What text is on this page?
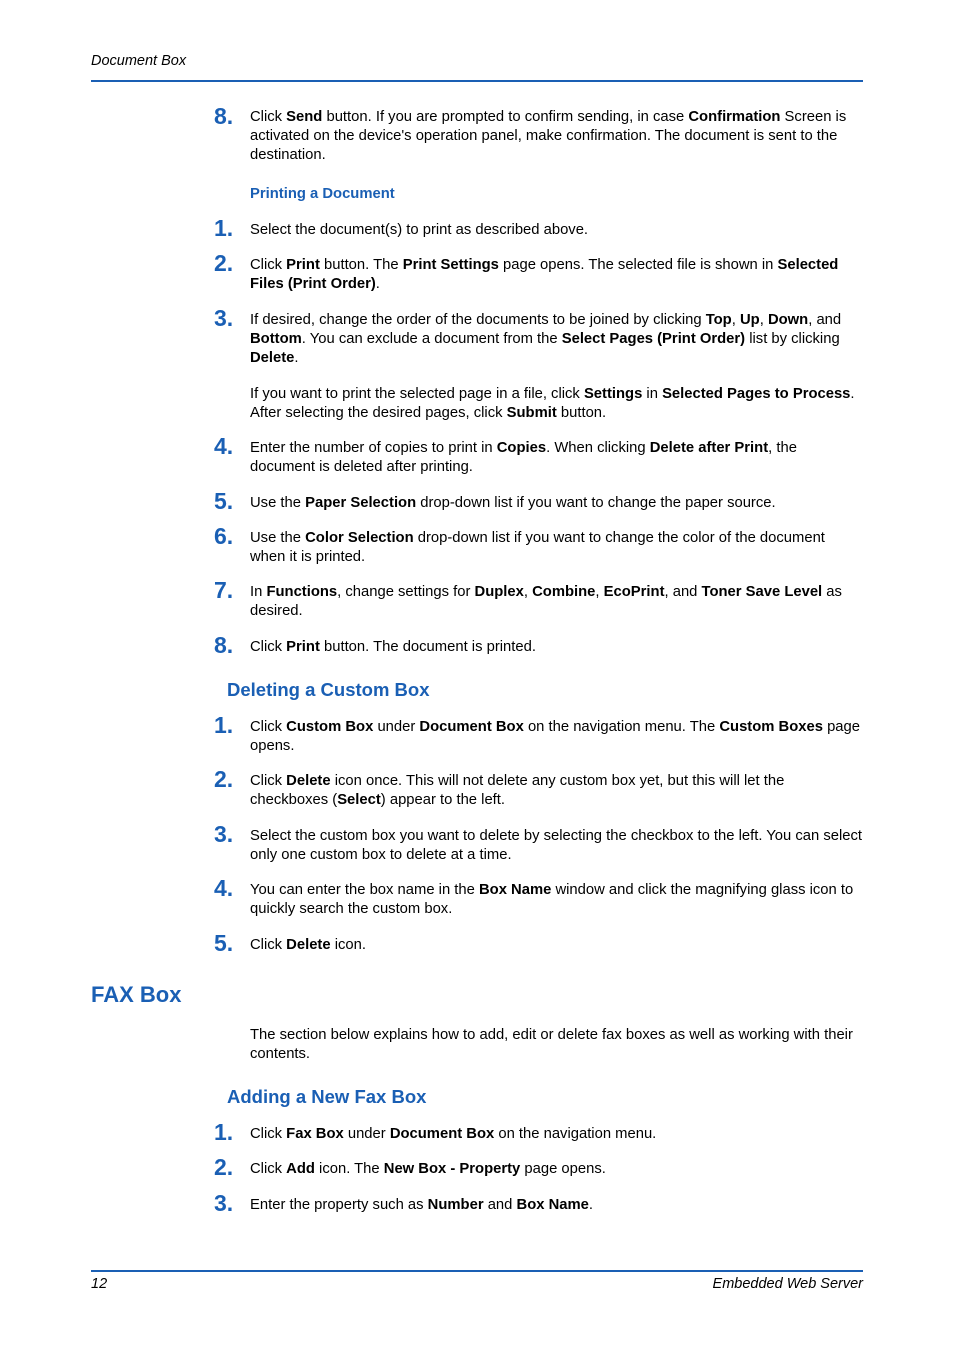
Document Box
8. Click Send button. If you are prompted to confirm sending, in case Confirmation Screen is activated on the device's operation panel, make confirmation. The document is sent to the destination.
Printing a Document
1. Select the document(s) to print as described above.
2. Click Print button. The Print Settings page opens. The selected file is shown in Selected Files (Print Order).
3. If desired, change the order of the documents to be joined by clicking Top, Up, Down, and Bottom. You can exclude a document from the Select Pages (Print Order) list by clicking Delete.
If you want to print the selected page in a file, click Settings in Selected Pages to Process. After selecting the desired pages, click Submit button.
4. Enter the number of copies to print in Copies. When clicking Delete after Print, the document is deleted after printing.
5. Use the Paper Selection drop-down list if you want to change the paper source.
6. Use the Color Selection drop-down list if you want to change the color of the document when it is printed.
7. In Functions, change settings for Duplex, Combine, EcoPrint, and Toner Save Level as desired.
8. Click Print button. The document is printed.
Deleting a Custom Box
1. Click Custom Box under Document Box on the navigation menu. The Custom Boxes page opens.
2. Click Delete icon once. This will not delete any custom box yet, but this will let the checkboxes (Select) appear to the left.
3. Select the custom box you want to delete by selecting the checkbox to the left. You can select only one custom box to delete at a time.
4. You can enter the box name in the Box Name window and click the magnifying glass icon to quickly search the custom box.
5. Click Delete icon.
FAX Box
The section below explains how to add, edit or delete fax boxes as well as working with their contents.
Adding a New Fax Box
1. Click Fax Box under Document Box on the navigation menu.
2. Click Add icon. The New Box - Property page opens.
3. Enter the property such as Number and Box Name.
12	Embedded Web Server
